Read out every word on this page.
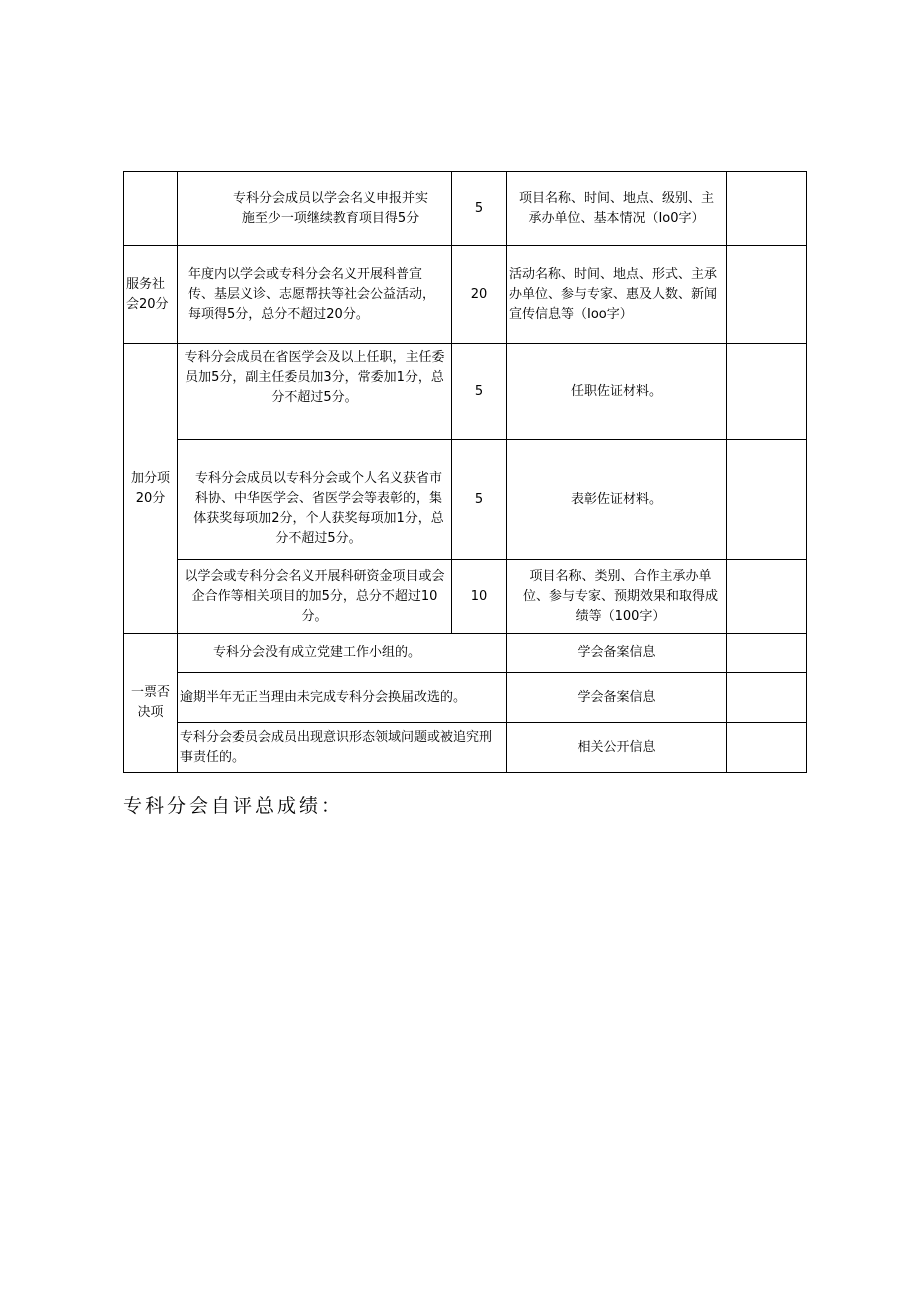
	专科分会成员以学会名义申报并实施至少一项继续教育项目得5分	5	项目名称、时间、地点、级别、主承办单位、基本情况（Io0字）	
服务社会20分	年度内以学会或专科分会名义开展科普宣传、基层义诊、志愿帮扶等社会公益活动，每项得5分，总分不超过20分。	20	活动名称、时间、地点、形式、主承办单位、参与专家、惠及人数、新闻宣传信息等（Ioo字）	
加分项20分	专科分会成员在省医学会及以上任职，主任委员加5分，副主任委员加3分，常委加1分，总分不超过5分。	5	任职佐证材料。	
	专科分会成员以专科分会或个人名义获省市科协、中华医学会、省医学会等表彰的，集体获奖每项加2分，个人获奖每项加1分，总分不超过5分。	5	表彰佐证材料。	
	以学会或专科分会名义开展科研资金项目或会企合作等相关项目的加5分，总分不超过10分。	10	项目名称、类别、合作主承办单位、参与专家、预期效果和取得成绩等（100字）	
一票否决项	专科分会没有成立党建工作小组的。		学会备案信息	
	逾期半年无正当理由未完成专科分会换届改选的。		学会备案信息	
	专科分会委员会成员出现意识形态领域问题或被追究刑事责任的。		相关公开信息	
专科分会自评总成绩：
